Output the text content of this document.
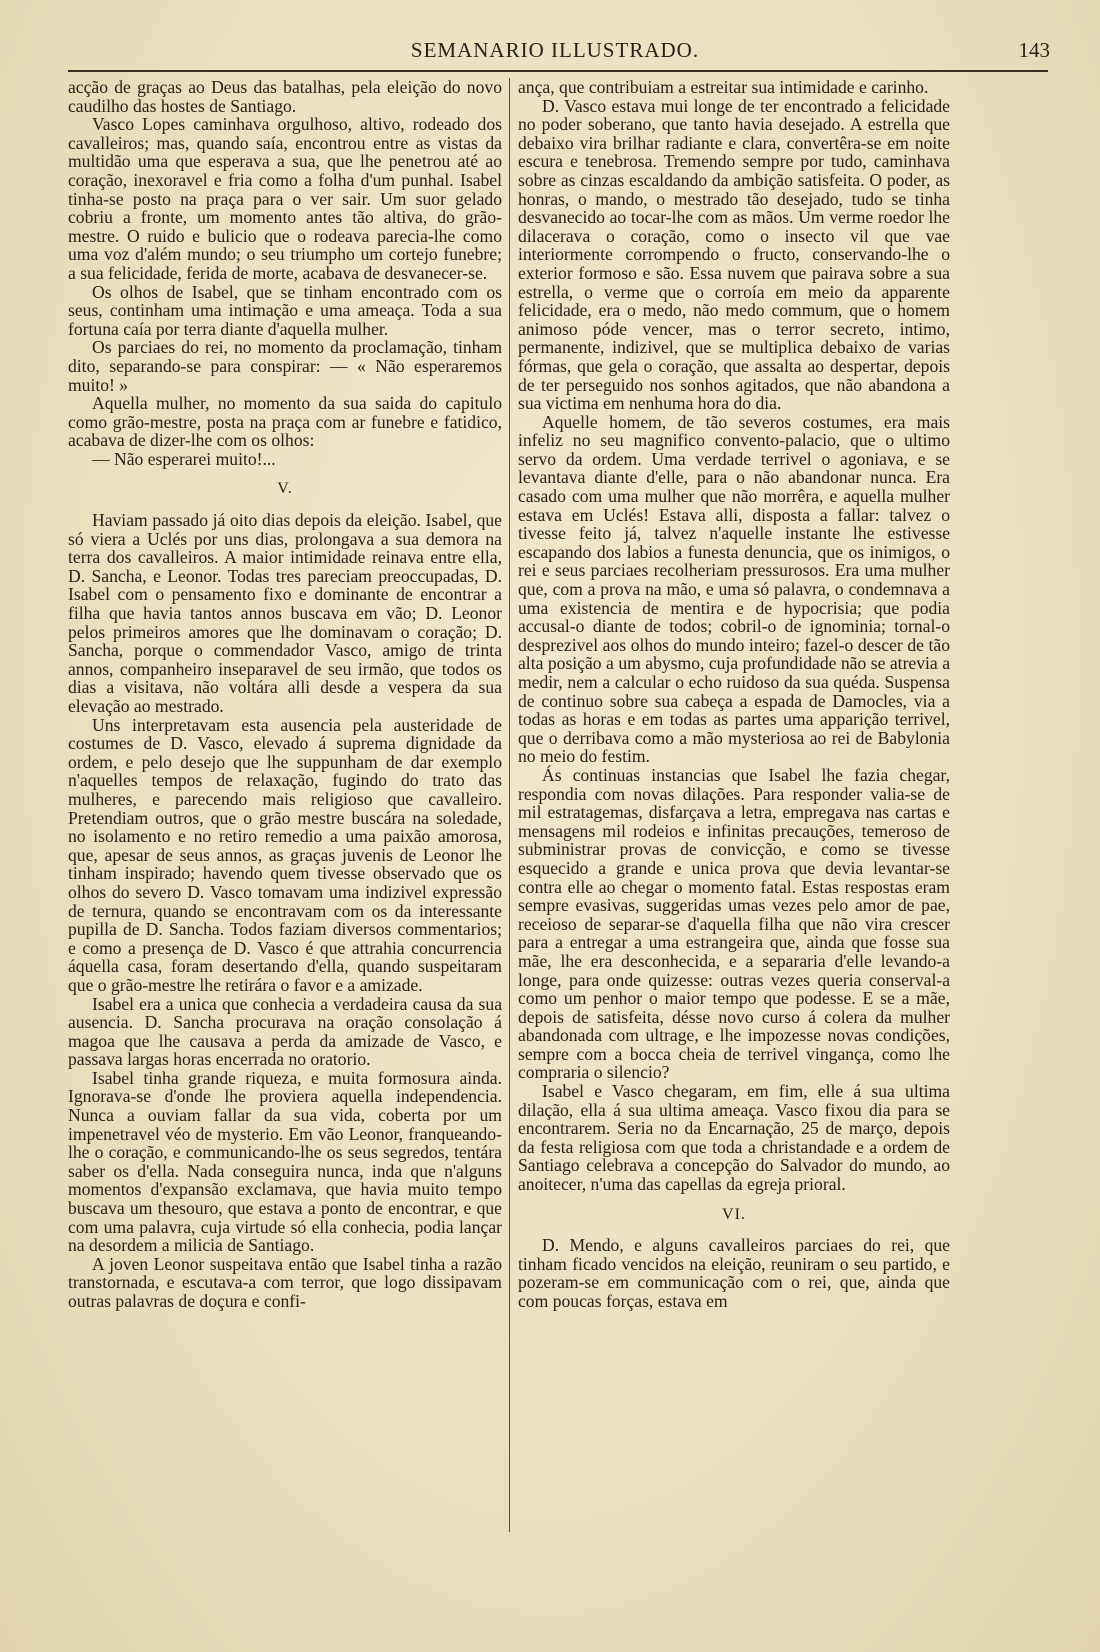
SEMANARIO ILLUSTRADO.	143

acção de graças ao Deus das batalhas, pela eleição do novo caudilho das hostes de Santiago.

Vasco Lopes caminhava orgulhoso, altivo, rodeado dos cavalleiros; mas, quando saía, encontrou entre as vistas da multidão uma que esperava a sua, que lhe penetrou até ao coração, inexoravel e fria como a folha d'um punhal. Isabel tinha-se posto na praça para o ver sair. Um suor gelado cobriu a fronte, um momento antes tão altiva, do grão-mestre. O ruido e bulicio que o rodeava parecia-lhe como uma voz d'além mundo; o seu triumpho um cortejo funebre; a sua felicidade, ferida de morte, acabava de desvanecer-se.

Os olhos de Isabel, que se tinham encontrado com os seus, continham uma intimação e uma ameaça. Toda a sua fortuna caía por terra diante d'aquella mulher.

Os parciaes do rei, no momento da proclamação, tinham dito, separando-se para conspirar: — « Não esperaremos muito! »

Aquella mulher, no momento da sua saida do capitulo como grão-mestre, posta na praça com ar funebre e fatidico, acabava de dizer-lhe com os olhos:

— Não esperarei muito!...

V.

Haviam passado já oito dias depois da eleição. Isabel, que só viera a Uclés por uns dias, prolongava a sua demora na terra dos cavalleiros. A maior intimidade reinava entre ella, D. Sancha, e Leonor. Todas tres pareciam preoccupadas, D. Isabel com o pensamento fixo e dominante de encontrar a filha que havia tantos annos buscava em vão; D. Leonor pelos primeiros amores que lhe dominavam o coração; D. Sancha, porque o commendador Vasco, amigo de trinta annos, companheiro inseparavel de seu irmão, que todos os dias a visitava, não voltára alli desde a vespera da sua elevação ao mestrado.

Uns interpretavam esta ausencia pela austeridade de costumes de D. Vasco, elevado á suprema dignidade da ordem, e pelo desejo que lhe suppunham de dar exemplo n'aquelles tempos de relaxação, fugindo do trato das mulheres, e parecendo mais religioso que cavalleiro. Pretendiam outros, que o grão mestre buscára na soledade, no isolamento e no retiro remedio a uma paixão amorosa, que, apesar de seus annos, as graças juvenis de Leonor lhe tinham inspirado; havendo quem tivesse observado que os olhos do severo D. Vasco tomavam uma indizivel expressão de ternura, quando se encontravam com os da interessante pupilla de D. Sancha. Todos faziam diversos commentarios; e como a presença de D. Vasco é que attrahia concurrencia áquella casa, foram desertando d'ella, quando suspeitaram que o grão-mestre lhe retirára o favor e a amizade.

Isabel era a unica que conhecia a verdadeira causa da sua ausencia. D. Sancha procurava na oração consolação á magoa que lhe causava a perda da amizade de Vasco, e passava largas horas encerrada no oratorio.

Isabel tinha grande riqueza, e muita formosura ainda. Ignorava-se d'onde lhe proviera aquella independencia. Nunca a ouviam fallar da sua vida, coberta por um impenetravel véo de mysterio. Em vão Leonor, franqueando-lhe o coração, e communicando-lhe os seus segredos, tentára saber os d'ella. Nada conseguira nunca, inda que n'alguns momentos d'expansão exclamava, que havia muito tempo buscava um thesouro, que estava a ponto de encontrar, e que com uma palavra, cuja virtude só ella conhecia, podia lançar na desordem a milicia de Santiago.

A joven Leonor suspeitava então que Isabel tinha a razão transtornada, e escutava-a com terror, que logo dissipavam outras palavras de doçura e confi-

ança, que contribuiam a estreitar sua intimidade e carinho.

D. Vasco estava mui longe de ter encontrado a felicidade no poder soberano, que tanto havia desejado. A estrella que debaixo vira brilhar radiante e clara, convertêra-se em noite escura e tenebrosa. Tremendo sempre por tudo, caminhava sobre as cinzas escaldando da ambição satisfeita. O poder, as honras, o mando, o mestrado tão desejado, tudo se tinha desvanecido ao tocar-lhe com as mãos. Um verme roedor lhe dilacerava o coração, como o insecto vil que vae interiormente corrompendo o fructo, conservando-lhe o exterior formoso e são. Essa nuvem que pairava sobre a sua estrella, o verme que o corroía em meio da apparente felicidade, era o medo, não medo commum, que o homem animoso póde vencer, mas o terror secreto, intimo, permanente, indizivel, que se multiplica debaixo de varias fórmas, que gela o coração, que assalta ao despertar, depois de ter perseguido nos sonhos agitados, que não abandona a sua victima em nenhuma hora do dia.

Aquelle homem, de tão severos costumes, era mais infeliz no seu magnifico convento-palacio, que o ultimo servo da ordem. Uma verdade terrivel o agoniava, e se levantava diante d'elle, para o não abandonar nunca. Era casado com uma mulher que não morrêra, e aquella mulher estava em Uclés! Estava alli, disposta a fallar: talvez o tivesse feito já, talvez n'aquelle instante lhe estivesse escapando dos labios a funesta denuncia, que os inimigos, o rei e seus parciaes recolheriam pressurosos. Era uma mulher que, com a prova na mão, e uma só palavra, o condemnava a uma existencia de mentira e de hypocrisia; que podia accusal-o diante de todos; cobril-o de ignominia; tornal-o desprezivel aos olhos do mundo inteiro; fazel-o descer de tão alta posição a um abysmo, cuja profundidade não se atrevia a medir, nem a calcular o echo ruidoso da sua quéda. Suspensa de continuo sobre sua cabeça a espada de Damocles, via a todas as horas e em todas as partes uma apparição terrivel, que o derribava como a mão mysteriosa ao rei de Babylonia no meio do festim.

Ás continuas instancias que Isabel lhe fazia chegar, respondia com novas dilações. Para responder valia-se de mil estratagemas, disfarçava a letra, empregava nas cartas e mensagens mil rodeios e infinitas precauções, temeroso de subministrar provas de convicção, e como se tivesse esquecido a grande e unica prova que devia levantar-se contra elle ao chegar o momento fatal. Estas respostas eram sempre evasivas, suggeridas umas vezes pelo amor de pae, receioso de separar-se d'aquella filha que não vira crescer para a entregar a uma estrangeira que, ainda que fosse sua mãe, lhe era desconhecida, e a separaria d'elle levando-a longe, para onde quizesse: outras vezes queria conserval-a como um penhor o maior tempo que podesse. E se a mãe, depois de satisfeita, désse novo curso á colera da mulher abandonada com ultrage, e lhe impozesse novas condições, sempre com a bocca cheia de terrivel vingança, como lhe compraria o silencio?

Isabel e Vasco chegaram, em fim, elle á sua ultima dilação, ella á sua ultima ameaça. Vasco fixou dia para se encontrarem. Seria no da Encarnação, 25 de março, depois da festa religiosa com que toda a christandade e a ordem de Santiago celebrava a concepção do Salvador do mundo, ao anoitecer, n'uma das capellas da egreja prioral.

VI.

D. Mendo, e alguns cavalleiros parciaes do rei, que tinham ficado vencidos na eleição, reuniram o seu partido, e pozeram-se em communicação com o rei, que, ainda que com poucas forças, estava em
